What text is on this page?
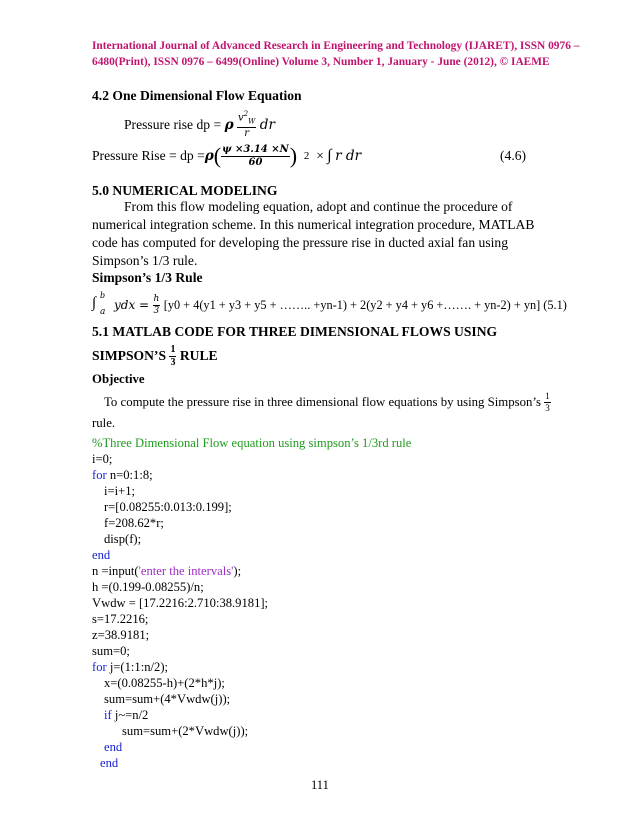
International Journal of Advanced Research in Engineering and Technology (IJARET), ISSN 0976 –
6480(Print), ISSN 0976 – 6499(Online) Volume 3, Number 1, January - June (2012), © IAEME
4.2 One Dimensional Flow Equation
Pressure rise dp =
ρ
$\frac{v^2_W}{r}$
dr
Pressure Rise = dp = ρ ( $\frac{\psi \times 3.14 \times N}{60}$ )
2
×
∫
r dr	(4.6)
5.0 NUMERICAL MODELING
From this flow modeling equation, adopt and continue the procedure of
numerical integration scheme. In this numerical integration procedure, MATLAB
code has computed for developing the pressure rise in ducted axial fan using
Simpson’s 1/3 rule.
Simpson’s 1/3 Rule
∫ b
a ydx =
$\frac{h}{3}$
[y0 + 4(y1 + y3 + y5 + …….. +yn-1) + 2(y2 + y4 + y6 +……. + yn-2) + yn] (5.1)
5.1 MATLAB CODE FOR THREE DIMENSIONAL FLOWS USING
SIMPSON’S
$\frac{1}{3}$
RULE
Objective
To compute the pressure rise in three dimensional flow equations by using Simpson’s
$\frac{1}{3}$
rule.
%Three Dimensional Flow equation using simpson’s 1/3rd rule
i=0;
for n=0:1:8;
i=i+1;
r=[0.08255:0.013:0.199];
f=208.62*r;
disp(f);
end
n =input('enter the intervals');
h =(0.199-0.08255)/n;
Vwdw = [17.2216:2.710:38.9181];
s=17.2216;
z=38.9181;
sum=0;
for j=(1:1:n/2);
x=(0.08255-h)+(2*h*j);
sum=sum+(4*Vwdw(j));
if j~=n/2
sum=sum+(2*Vwdw(j));
end
end
111
